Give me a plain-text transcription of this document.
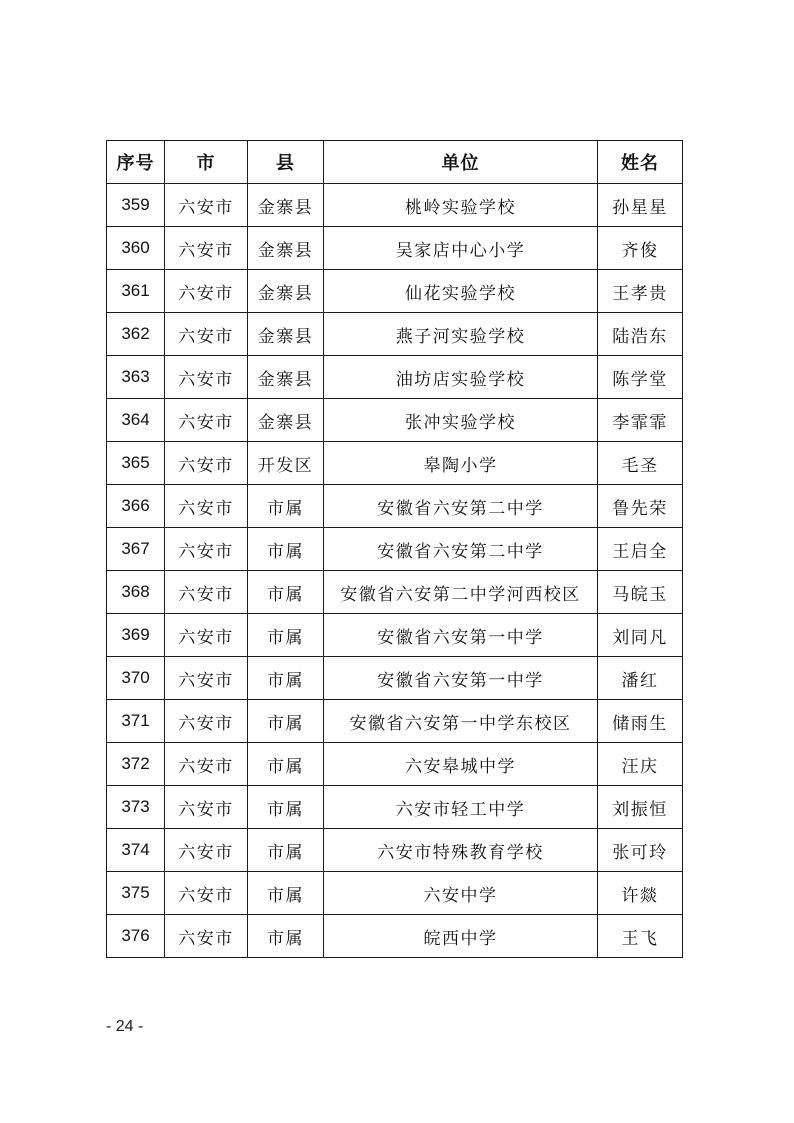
序号	市	县	单位	姓名
359	六安市	金寨县	桃岭实验学校	孙星星
360	六安市	金寨县	吴家店中心小学	齐俊
361	六安市	金寨县	仙花实验学校	王孝贵
362	六安市	金寨县	燕子河实验学校	陆浩东
363	六安市	金寨县	油坊店实验学校	陈学堂
364	六安市	金寨县	张冲实验学校	李霏霏
365	六安市	开发区	皋陶小学	毛圣
366	六安市	市属	安徽省六安第二中学	鲁先荣
367	六安市	市属	安徽省六安第二中学	王启全
368	六安市	市属	安徽省六安第二中学河西校区	马皖玉
369	六安市	市属	安徽省六安第一中学	刘同凡
370	六安市	市属	安徽省六安第一中学	潘红
371	六安市	市属	安徽省六安第一中学东校区	储雨生
372	六安市	市属	六安皋城中学	汪庆
373	六安市	市属	六安市轻工中学	刘振恒
374	六安市	市属	六安市特殊教育学校	张可玲
375	六安市	市属	六安中学	许燚
376	六安市	市属	皖西中学	王飞
- 24 -
